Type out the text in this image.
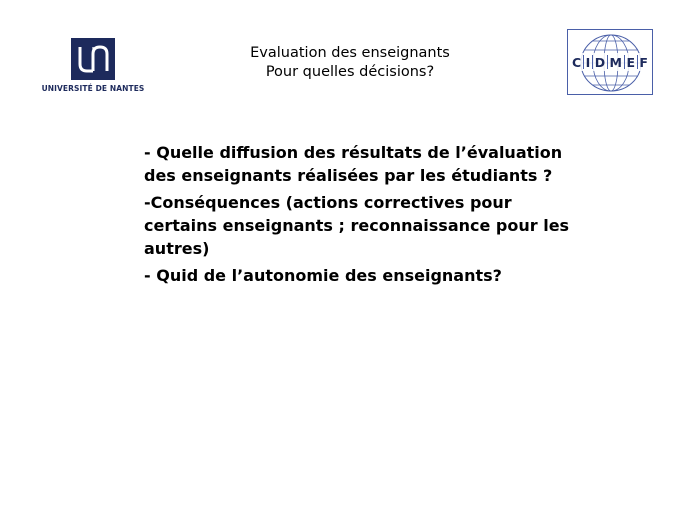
UNIVERSITÉ DE NANTES
Evaluation des enseignants
Pour quelles décisions?
C I D M E F

- Quelle diffusion des résultats de l’évaluation des enseignants réalisées par les étudiants ?

-Conséquences (actions correctives pour certains enseignants ; reconnaissance pour les autres)

- Quid de l’autonomie des enseignants?
